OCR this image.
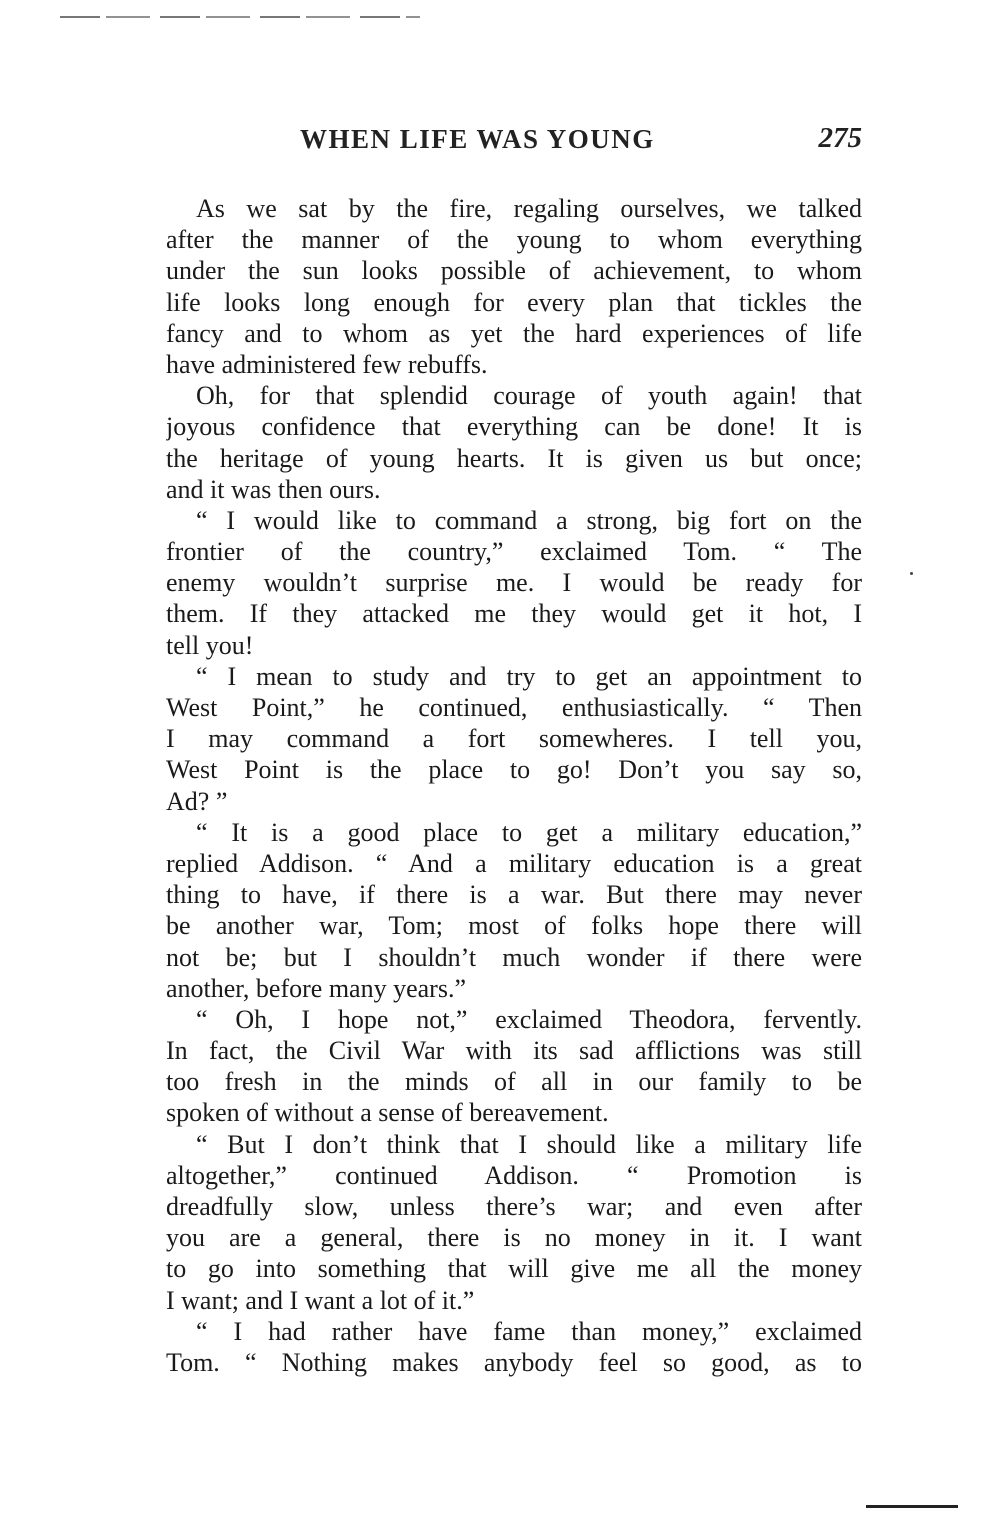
WHEN LIFE WAS YOUNG	275
As we sat by the fire, regaling ourselves, we talked
after the manner of the young to whom everything
under the sun looks possible of achievement, to whom
life looks long enough for every plan that tickles the
fancy and to whom as yet the hard experiences of life
have administered few rebuffs.
Oh, for that splendid courage of youth again! that
joyous confidence that everything can be done! It is
the heritage of young hearts. It is given us but once;
and it was then ours.
“ I would like to command a strong, big fort on the
frontier of the country,” exclaimed Tom. “ The
enemy wouldn’t surprise me. I would be ready for
them. If they attacked me they would get it hot, I
tell you!
“ I mean to study and try to get an appointment to
West Point,” he continued, enthusiastically. “ Then
I may command a fort somewheres. I tell you,
West Point is the place to go! Don’t you say so,
Ad? ”
“ It is a good place to get a military education,”
replied Addison. “ And a military education is a great
thing to have, if there is a war. But there may never
be another war, Tom; most of folks hope there will
not be; but I shouldn’t much wonder if there were
another, before many years.”
“ Oh, I hope not,” exclaimed Theodora, fervently.
In fact, the Civil War with its sad afflictions was still
too fresh in the minds of all in our family to be
spoken of without a sense of bereavement.
“ But I don’t think that I should like a military life
altogether,” continued Addison. “ Promotion is
dreadfully slow, unless there’s war; and even after
you are a general, there is no money in it. I want
to go into something that will give me all the money
I want; and I want a lot of it.”
“ I had rather have fame than money,” exclaimed
Tom. “ Nothing makes anybody feel so good, as to
